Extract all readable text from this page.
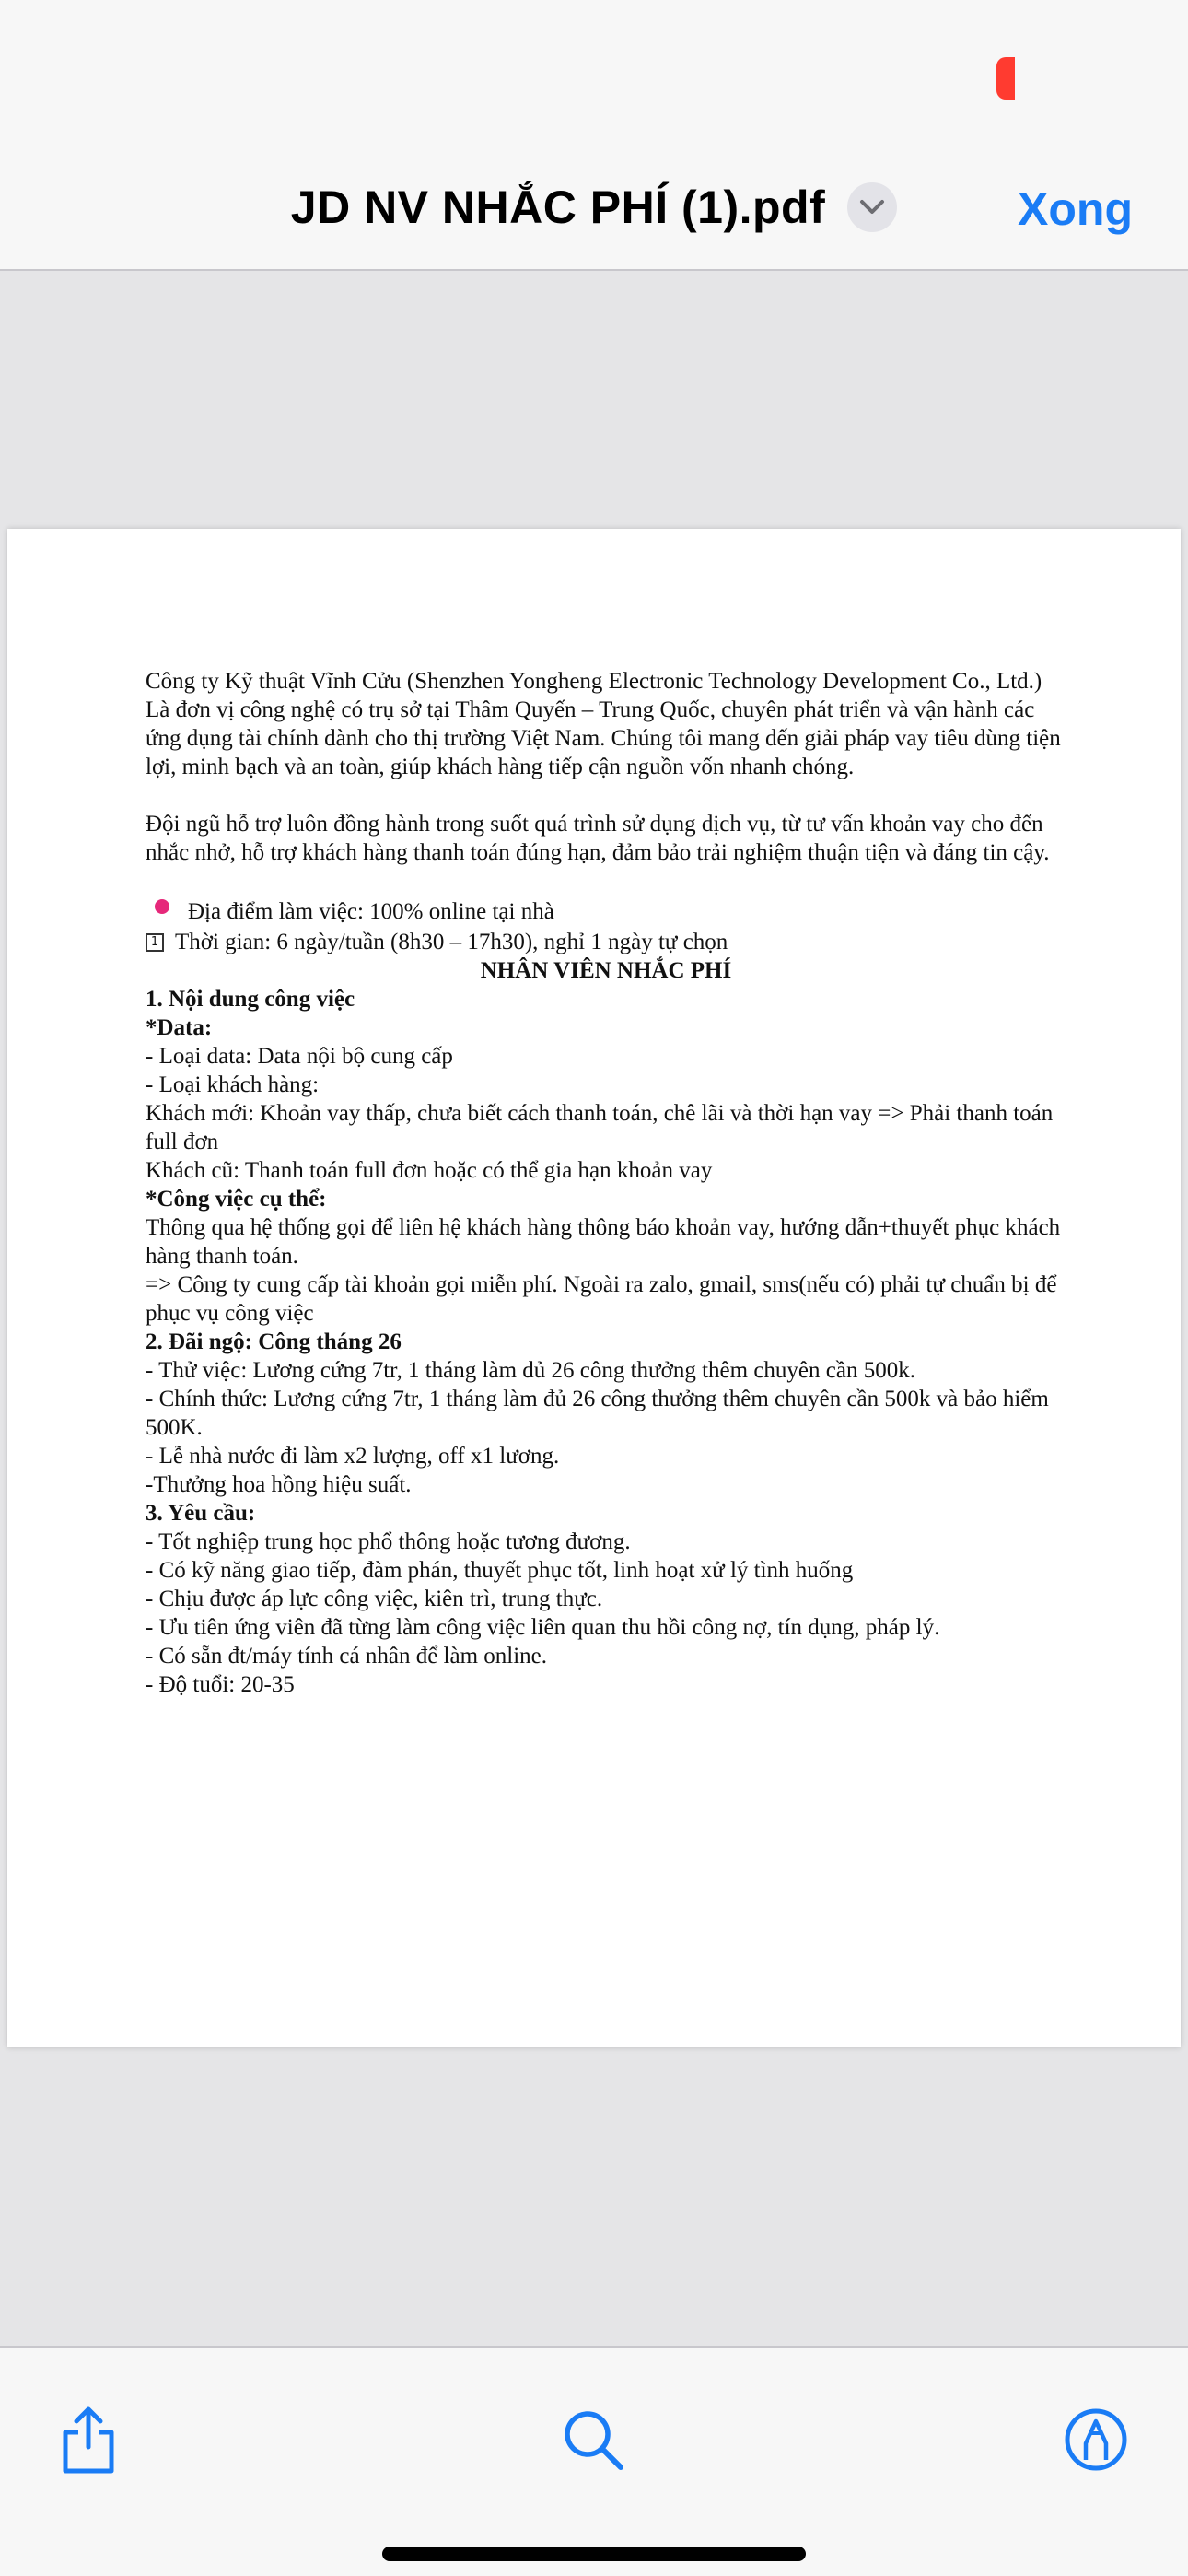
JD NV NHẮC PHÍ (1).pdf	Xong

Công ty Kỹ thuật Vĩnh Cửu (Shenzhen Yongheng Electronic Technology Development Co., Ltd.)

Là đơn vị công nghệ có trụ sở tại Thâm Quyến – Trung Quốc, chuyên phát triển và vận hành các ứng dụng tài chính dành cho thị trường Việt Nam. Chúng tôi mang đến giải pháp vay tiêu dùng tiện lợi, minh bạch và an toàn, giúp khách hàng tiếp cận nguồn vốn nhanh chóng.

Đội ngũ hỗ trợ luôn đồng hành trong suốt quá trình sử dụng dịch vụ, từ tư vấn khoản vay cho đến nhắc nhở, hỗ trợ khách hàng thanh toán đúng hạn, đảm bảo trải nghiệm thuận tiện và đáng tin cậy.

Địa điểm làm việc: 100% online tại nhà
1 Thời gian: 6 ngày/tuần (8h30 – 17h30), nghỉ 1 ngày tự chọn

NHÂN VIÊN NHẮC PHÍ

1. Nội dung công việc

*Data:

- Loại data: Data nội bộ cung cấp

- Loại khách hàng:

Khách mới: Khoản vay thấp, chưa biết cách thanh toán, chê lãi và thời hạn vay => Phải thanh toán full đơn

Khách cũ: Thanh toán full đơn hoặc có thể gia hạn khoản vay

*Công việc cụ thể:

Thông qua hệ thống gọi để liên hệ khách hàng thông báo khoản vay, hướng dẫn+thuyết phục khách hàng thanh toán.

=> Công ty cung cấp tài khoản gọi miễn phí. Ngoài ra zalo, gmail, sms(nếu có) phải tự chuẩn bị để phục vụ công việc

2. Đãi ngộ: Công tháng 26

- Thử việc: Lương cứng 7tr, 1 tháng làm đủ 26 công thưởng thêm chuyên cần 500k.

- Chính thức: Lương cứng 7tr, 1 tháng làm đủ 26 công thưởng thêm chuyên cần 500k và bảo hiểm 500K.

- Lễ nhà nước đi làm x2 lượng, off x1 lương.

-Thưởng hoa hồng hiệu suất.

3. Yêu cầu:

- Tốt nghiệp trung học phổ thông hoặc tương đương.

- Có kỹ năng giao tiếp, đàm phán, thuyết phục tốt, linh hoạt xử lý tình huống

- Chịu được áp lực công việc, kiên trì, trung thực.

- Ưu tiên ứng viên đã từng làm công việc liên quan thu hồi công nợ, tín dụng, pháp lý.

- Có sẵn đt/máy tính cá nhân để làm online.

- Độ tuổi: 20-35
